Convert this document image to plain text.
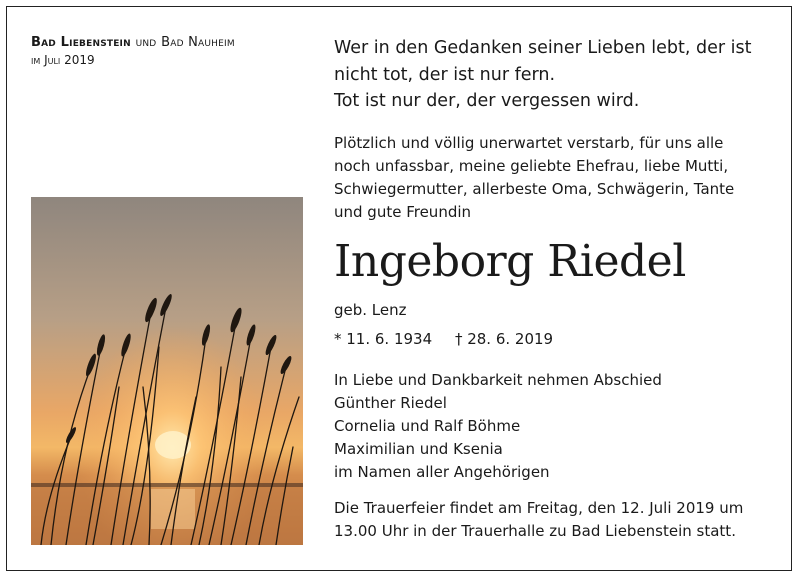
Bad Liebenstein und Bad Nauheim
im Juli 2019
Wer in den Gedanken seiner Lieben lebt, der ist
nicht tot, der ist nur fern.
Tot ist nur der, der vergessen wird.
Plötzlich und völlig unerwartet verstarb, für uns alle
noch unfassbar, meine geliebte Ehefrau, liebe Mutti,
Schwiegermutter, allerbeste Oma, Schwägerin, Tante
und gute Freundin
Ingeborg Riedel
geb. Lenz
* 11. 6. 1934 † 28. 6. 2019
In Liebe und Dankbarkeit nehmen Abschied
Günther Riedel
Cornelia und Ralf Böhme
Maximilian und Ksenia
im Namen aller Angehörigen
Die Trauerfeier findet am Freitag, den 12. Juli 2019 um
13.00 Uhr in der Trauerhalle zu Bad Liebenstein statt.
